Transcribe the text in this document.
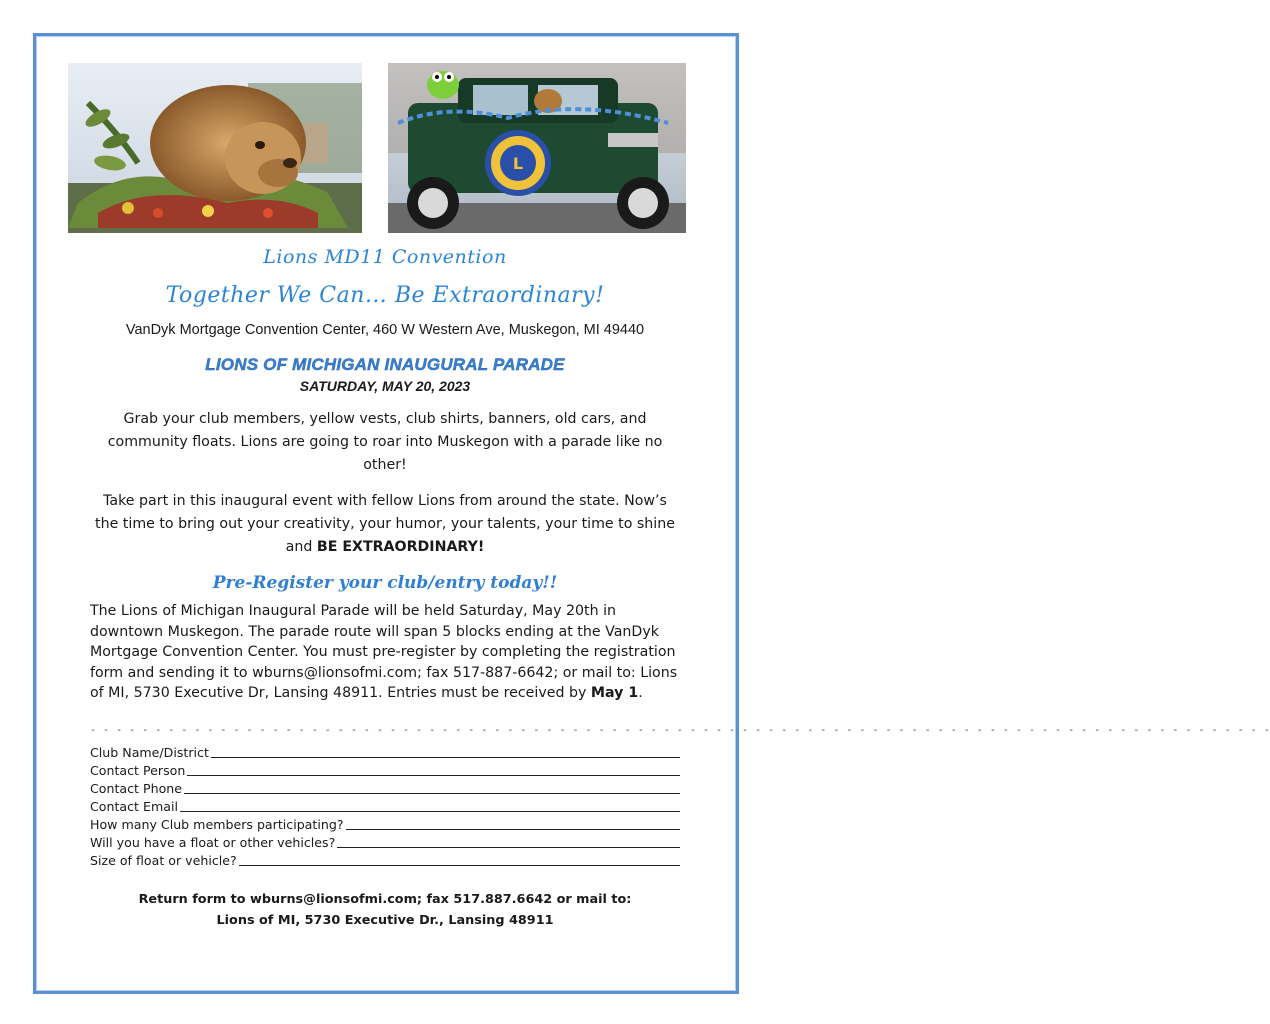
L
Lions MD11 Convention
Together We Can… Be Extraordinary!
VanDyk Mortgage Convention Center, 460 W Western Ave, Muskegon, MI 49440
LIONS OF MICHIGAN INAUGURAL PARADE
SATURDAY, MAY 20, 2023
Grab your club members, yellow vests, club shirts, banners, old cars, and community floats. Lions are going to roar into Muskegon with a parade like no other!
Take part in this inaugural event with fellow Lions from around the state. Now’s the time to bring out your creativity, your humor, your talents, your time to shine and BE EXTRAORDINARY!
Pre-Register your club/entry today!!
The Lions of Michigan Inaugural Parade will be held Saturday, May 20th in downtown Muskegon. The parade route will span 5 blocks ending at the VanDyk Mortgage Convention Center. You must pre-register by completing the registration form and sending it to wburns@lionsofmi.com; fax 517-887-6642; or mail to: Lions of MI, 5730 Executive Dr, Lansing 48911. Entries must be received by May 1.
- - - - - - - - - - - - - - - - - - - - - - - - - - - - - - - - - - - - - - - - - - - - - - - - - - - - - - - - - - - - - - - - - - - - - - - - - - - - - - - - - - - - - - - - - - -
Club Name/District
Contact Person
Contact Phone
Contact Email
How many Club members participating?
Will you have a float or other vehicles?
Size of float or vehicle?
Return form to wburns@lionsofmi.com; fax 517.887.6642 or mail to:
Lions of MI, 5730 Executive Dr., Lansing 48911
